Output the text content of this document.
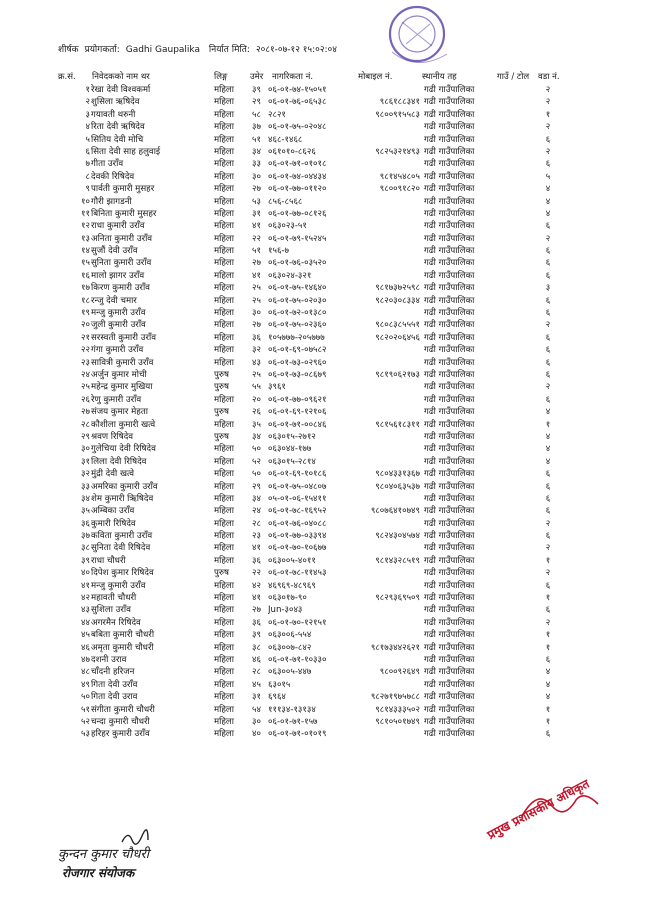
शीर्षक प्रयोगकर्ता: Gadhi Gaupalika निर्यात मिति: २०८१-०७-१२ १५:०२:०४
क्र.सं. निवेदकको नाम थर	लिङ्ग	उमेर नागरिकता नं.	मोबाइल नं.	स्थानीय तह	गाउँ / टोल वडा नं.
१ रेखा देवी विश्वकर्मा	महिला	३९ ०६-०१-७४-१५०५१	गढी गाउँपालिका	२
२ शुसिला ऋषिदेव	महिला	२९ ०६-०१-७६-०६५३८	९८६१८८३४१ गढी गाउँपालिका	२
३ गयावती थरुनी	महिला	५८ २८२१	९८००९१५५८३ गढी गाउँपालिका	१
४ रिता देवी ऋषिदेव	महिला	३७ ०६-०१-७५-०२०४८	गढी गाउँपालिका	२
५ सितिय देवी मोचि	महिला	५१ ४६८-१४६८	गढी गाउँपालिका	६
६ सिता देवी साह हलुवाई	महिला	३४ ०६१०१०-८६२६	९८२५३२१४९३ गढी गाउँपालिका	२
७ गीता उराँव	महिला	३३ ०६-०१-७१-०१०१८	गढी गाउँपालिका	६
८ देवकी रिषिदेव	महिला	३० ०६-०१-७४-०४४३४	९८१४५४८०५ गढी गाउँपालिका	५
९ पार्वती कुमारी मुसहर	महिला	२७ ०६-०१-७७-०११२०	९८००९१८२० गढी गाउँपालिका	४
१० गौरी झागडनी	महिला	५३ ८५६-८५६८	गढी गाउँपालिका	४
११ बिनिता कुमारी मुसहर	महिला	३१ ०६-०१-७७-०८१२६	गढी गाउँपालिका	४
१२ राधा कुमारी उराँव	महिला	४१ ०६३०२३-५१	गढी गाउँपालिका	६
१३ अनिता कुमारी उराँव	महिला	२२ ०६-०१-७९-१५२४५	गढी गाउँपालिका	२
१४ सुजौं देवी उराँव	महिला	५१ १५६-७	गढी गाउँपालिका	६
१५ सुनिता कुमारी उराँव	महिला	२७ ०६-०१-७६-०३५२०	गढी गाउँपालिका	६
१६ मालो झागर उराँव	महिला	४१ ०६३०२४-३२१	गढी गाउँपालिका	६
१७ किरण कुमारी उराँव	महिला	२५ ०६-०१-७५-१४६४०	९८१७३७२५९८ गढी गाउँपालिका	३
१८ रन्जु देवी चमार	महिला	२५ ०६-०१-७५-०२०३०	९८२०३०८३३४ गढी गाउँपालिका	६
१९ मन्जु कुमारी उराँव	महिला	३० ०६-०१-७२-०१३८०	गढी गाउँपालिका	६
२० जुली कुमारी उराँव	महिला	२७ ०६-०१-७५-०२३६०	९८०८३८५५५१ गढी गाउँपालिका	२
२१ सरस्वती कुमारी उराँव	महिला	३६ १०५७७७-२०५७७७	९८२०२०६४५६ गढी गाउँपालिका	६
२२ गंगा कुमारी उराँव	महिला	३२ ०६-०१-६९-०७५८२	गढी गाउँपालिका	६
२३ सावित्री कुमारी उराँव	महिला	४३ ०६-०१-७३-०२९६०	गढी गाउँपालिका	६
२४ अर्जुन कुमार मोची	पुरुष	२५ ०६-०१-७३-०८६७९	९८१९०६२१७३ गढी गाउँपालिका	६
२५ महेन्द्र कुमार मुखिया	पुरुष	५५ ३९६१	गढी गाउँपालिका	२
२६ रेणु कुमारी उराँव	महिला	२० ०६-०१-७७-०९६२१	गढी गाउँपालिका	६
२७ संजय कुमार मेहता	पुरुष	२६ ०६-०१-६९-१२१०६	गढी गाउँपालिका	४
२८ कौशीला कुमारी खत्वे	महिला	३५ ०६-०१-७१-००८४६	९८१५६१८३११ गढी गाउँपालिका	१
२९ श्रवण रिषिदेव	पुरुष	३४ ०६३०१५-२७१२	गढी गाउँपालिका	४
३० गुलेचिया देवी रिषिदेव	महिला	५० ०६३०४४-१७७	गढी गाउँपालिका	४
३१ लिला देवी रिषिदेव	महिला	५२ ०६३०१५-२८१४	गढी गाउँपालिका	४
३२ मुंद्री देवी खत्वे	महिला	५० ०६-०१-६९-१०१८६	९८०४३३१३६७ गढी गाउँपालिका	६
३३ अमरिका कुमारी उराँव	महिला	२९ ०६-०१-७५-०४८०७	९८०४०६३५३७ गढी गाउँपालिका	६
३४ शेम कुमारी ऋिषिदेव	महिला	३४ ०५-०१-०६-१५४११	गढी गाउँपालिका	६
३५ अम्बिका उराँव	महिला	२४ ०६-०१-७८-१६९५२	९८०७६४१०७४९ गढी गाउँपालिका	६
३६ कुमारी रिषिदेव	महिला	२८ ०६-०१-७६-०४०८८	गढी गाउँपालिका	२
३७ कविता कुमारी उराँव	महिला	२३ ०६-०१-७७-०३३९४	९८२४३०४५७४ गढी गाउँपालिका	६
३८ सुनिता देवी रिषिदेव	महिला	४१ ०६-०१-७०-१०६७७	गढी गाउँपालिका	२
३९ राधा चौधरी	महिला	३६ ०६३००५-४०११	९८१४३२८५१९ गढी गाउँपालिका	१
४० दिपेश कुमार रिषिदेव	पुरुष	२२ ०६-०१-७८-११४५३	गढी गाउँपालिका	२
४१ मन्जु कुमारी उराँव	महिला	४२ ४६९६९-४८९६९	गढी गाउँपालिका	६
४२ महावती चौधरी	महिला	४१ ०६३०१७-९०	९८२९३६९५०९ गढी गाउँपालिका	१
४३ सुशिला उराँव	महिला	२७ Jun-३०४३	गढी गाउँपालिका	६
४४ अगरमैन रिषिदेव	महिला	३६ ०६-०१-७०-१२१५१	गढी गाउँपालिका	२
४५ बबिता कुमारी चौधरी	महिला	३९ ०६३००६-५५४	गढी गाउँपालिका	१
४६ अमृता कुमारी चौधरी	महिला	३८ ०६३००७-८४२	९८१७३४४२६२१ गढी गाउँपालिका	१
४७ दशनी उराव	महिला	४६ ०६-०१-७१-१०३३०	गढी गाउँपालिका	६
४८ चाँदनी हरिजन	महिला	२८ ०६३००५-४४७	९८००९२६४९ गढी गाउँपालिका	४
४९ गिता देवी उराँव	महिला	४५ ६३०१५	गढी गाउँपालिका	४
५० गिता देवी उराव	महिला	३१ ६९६४	९८२७१९७५७८८ गढी गाउँपालिका	४
५१ संगीता कुमारी चौधरी	महिला	५४ १११३४-१३१३४	९८१४३३३५०२ गढी गाउँपालिका	१
५२ चन्दा कुमारी चौधरी	महिला	३० ०६-०१-७१-१५७	९८१०५०१७४९ गढी गाउँपालिका	१
५३ हरिहर कुमारी उराँव	महिला	४० ०६-०१-७१-०१०१९	गढी गाउँपालिका	६
कुन्दन कुमार चौधरी
रोजगार संयोजक
प्रमुख प्रशासकीय अधिकृत
